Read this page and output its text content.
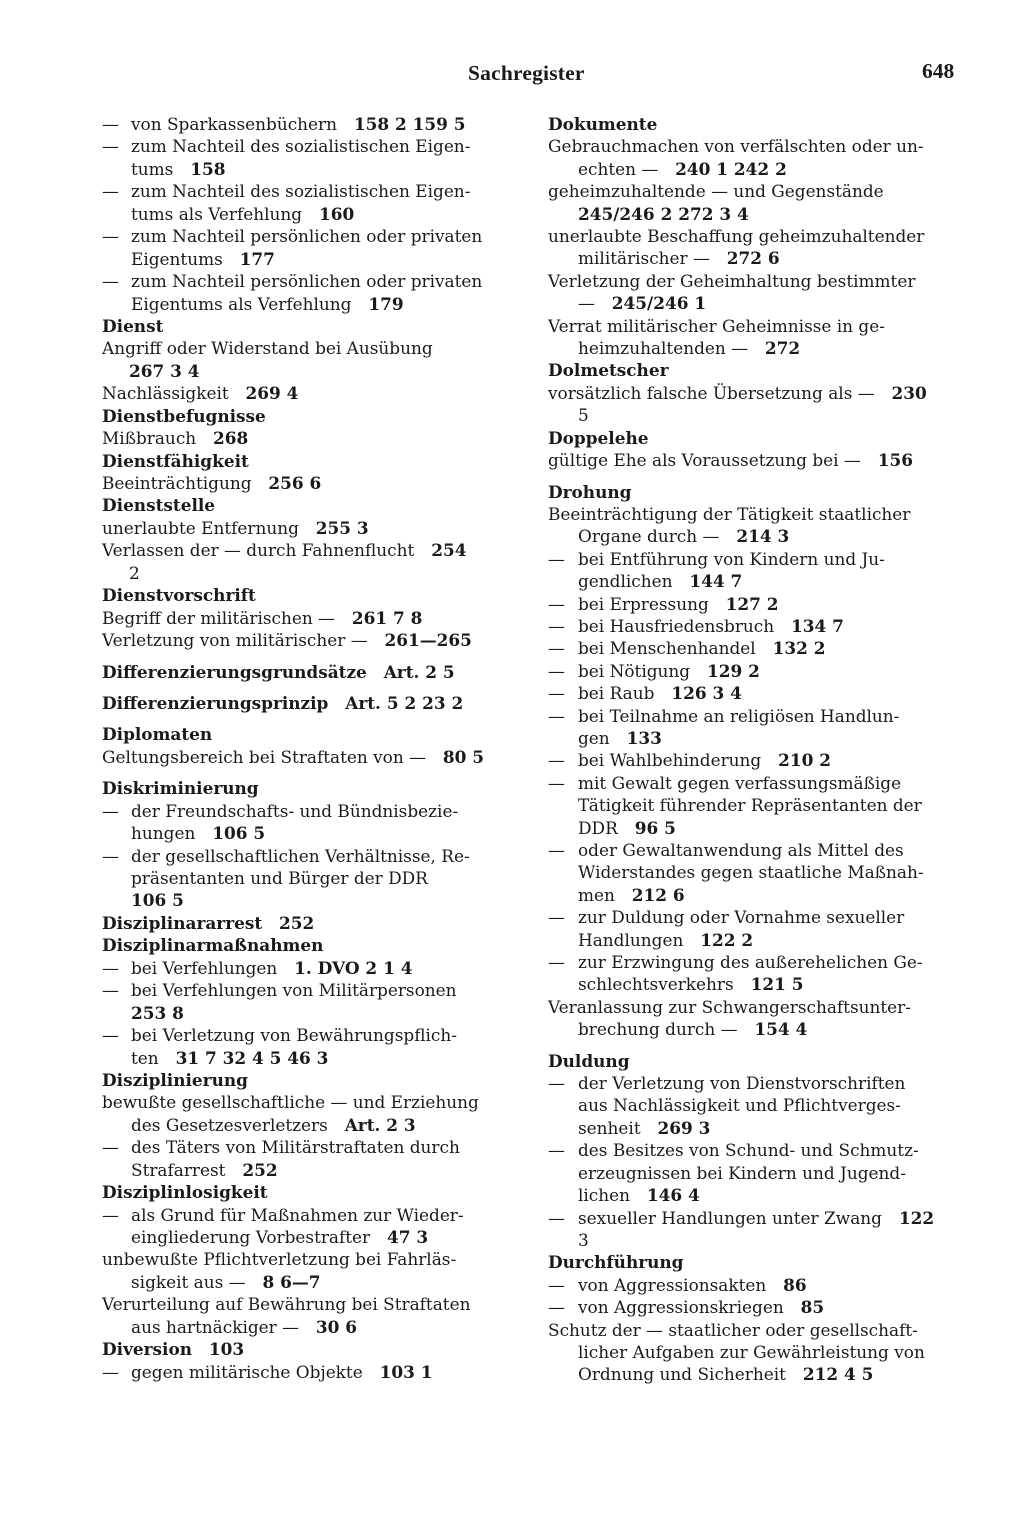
Sachregister	648
— von Sparkassenbüchern  158 2 159 5
— zum Nachteil des sozialistischen Eigen-
tums  158
— zum Nachteil des sozialistischen Eigen-
tums als Verfehlung  160
— zum Nachteil persönlichen oder privaten
Eigentums  177
— zum Nachteil persönlichen oder privaten
Eigentums als Verfehlung  179
Dienst
Angriff oder Widerstand bei Ausübung
267 3 4
Nachlässigkeit  269 4
Dienstbefugnisse
Mißbrauch  268
Dienstfähigkeit
Beeinträchtigung  256 6
Dienststelle
unerlaubte Entfernung  255 3
Verlassen der — durch Fahnenflucht  254
2
Dienstvorschrift
Begriff der militärischen —  261 7 8
Verletzung von militärischer —  261—265
Differenzierungsgrundsätze  Art. 2 5
Differenzierungsprinzip  Art. 5 2 23 2
Diplomaten
Geltungsbereich bei Straftaten von —  80 5
Diskriminierung
— der Freundschafts- und Bündnisbezie-
hungen  106 5
— der gesellschaftlichen Verhältnisse, Re-
präsentanten und Bürger der DDR
106 5
Disziplinararrest  252
Disziplinarmaßnahmen
— bei Verfehlungen  1. DVO 2 1 4
— bei Verfehlungen von Militärpersonen
253 8
— bei Verletzung von Bewährungspflich-
ten  31 7 32 4 5 46 3
Disziplinierung
bewußte gesellschaftliche — und Erziehung
des Gesetzesverletzers  Art. 2 3
— des Täters von Militärstraftaten durch
Strafarrest  252
Disziplinlosigkeit
— als Grund für Maßnahmen zur Wieder-
eingliederung Vorbestrafter  47 3
unbewußte Pflichtverletzung bei Fahrläs-
sigkeit aus —  8 6—7
Verurteilung auf Bewährung bei Straftaten
aus hartnäckiger —  30 6
Diversion  103
— gegen militärische Objekte  103 1
Dokumente
Gebrauchmachen von verfälschten oder un-
echten —  240 1 242 2
geheimzuhaltende — und Gegenstände
245/246 2 272 3 4
unerlaubte Beschaffung geheimzuhaltender
militärischer —  272 6
Verletzung der Geheimhaltung bestimmter
—  245/246 1
Verrat militärischer Geheimnisse in ge-
heimzuhaltenden —  272
Dolmetscher
vorsätzlich falsche Übersetzung als —  230
5
Doppelehe
gültige Ehe als Voraussetzung bei —  156
Drohung
Beeinträchtigung der Tätigkeit staatlicher
Organe durch —  214 3
— bei Entführung von Kindern und Ju-
gendlichen  144 7
— bei Erpressung  127 2
— bei Hausfriedensbruch  134 7
— bei Menschenhandel  132 2
— bei Nötigung  129 2
— bei Raub  126 3 4
— bei Teilnahme an religiösen Handlun-
gen  133
— bei Wahlbehinderung  210 2
— mit Gewalt gegen verfassungsmäßige
Tätigkeit führender Repräsentanten der
DDR  96 5
— oder Gewaltanwendung als Mittel des
Widerstandes gegen staatliche Maßnah-
men  212 6
— zur Duldung oder Vornahme sexueller
Handlungen  122 2
— zur Erzwingung des außerehelichen Ge-
schlechtsverkehrs  121 5
Veranlassung zur Schwangerschaftsunter-
brechung durch —  154 4
Duldung
— der Verletzung von Dienstvorschriften
aus Nachlässigkeit und Pflichtverges-
senheit  269 3
— des Besitzes von Schund- und Schmutz-
erzeugnissen bei Kindern und Jugend-
lichen  146 4
— sexueller Handlungen unter Zwang  122
3
Durchführung
— von Aggressionsakten  86
— von Aggressionskriegen  85
Schutz der — staatlicher oder gesellschaft-
licher Aufgaben zur Gewährleistung von
Ordnung und Sicherheit  212 4 5
